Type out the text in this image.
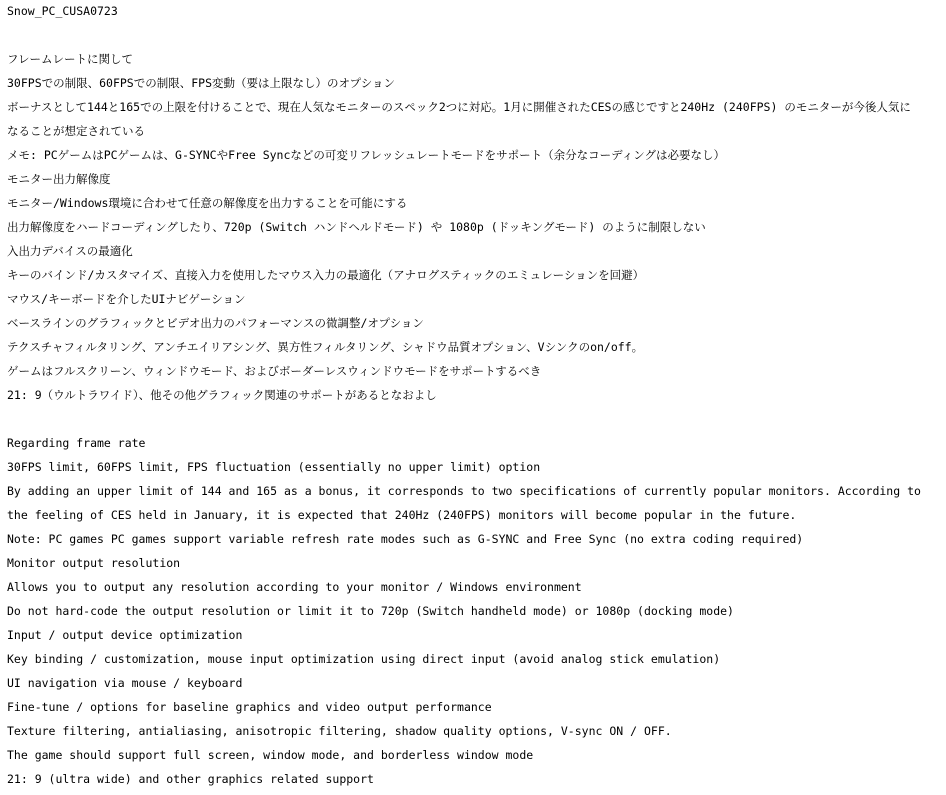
Snow_PC_CUSA0723
フレームレートに関して
30FPSでの制限、60FPSでの制限、FPS変動（要は上限なし）のオプション
ボーナスとして144と165での上限を付けることで、現在人気なモニターのスペック2つに対応。1月に開催されたCESの感じですと240Hz (240FPS) のモニターが今後人気に
なることが想定されている
メモ: PCゲームはPCゲームは、G-SYNCやFree Syncなどの可変リフレッシュレートモードをサポート（余分なコーディングは必要なし）
モニター出力解像度
モニター/Windows環境に合わせて任意の解像度を出力することを可能にする
出力解像度をハードコーディングしたり、720p (Switch ハンドヘルドモード) や 1080p (ドッキングモード) のように制限しない
入出力デバイスの最適化
キーのバインド/カスタマイズ、直接入力を使用したマウス入力の最適化（アナログスティックのエミュレーションを回避）
マウス/キーボードを介したUIナビゲーション
ベースラインのグラフィックとビデオ出力のパフォーマンスの微調整/オプション
テクスチャフィルタリング、アンチエイリアシング、異方性フィルタリング、シャドウ品質オプション、Vシンクのon/off。
ゲームはフルスクリーン、ウィンドウモード、およびボーダーレスウィンドウモードをサポートするべき
21: 9（ウルトラワイド）、他その他グラフィック関連のサポートがあるとなおよし
Regarding frame rate
30FPS limit, 60FPS limit, FPS fluctuation (essentially no upper limit) option
By adding an upper limit of 144 and 165 as a bonus, it corresponds to two specifications of currently popular monitors. According to
the feeling of CES held in January, it is expected that 240Hz (240FPS) monitors will become popular in the future.
Note: PC games PC games support variable refresh rate modes such as G-SYNC and Free Sync (no extra coding required)
Monitor output resolution
Allows you to output any resolution according to your monitor / Windows environment
Do not hard-code the output resolution or limit it to 720p (Switch handheld mode) or 1080p (docking mode)
Input / output device optimization
Key binding / customization, mouse input optimization using direct input (avoid analog stick emulation)
UI navigation via mouse / keyboard
Fine-tune / options for baseline graphics and video output performance
Texture filtering, antialiasing, anisotropic filtering, shadow quality options, V-sync ON / OFF.
The game should support full screen, window mode, and borderless window mode
21: 9 (ultra wide) and other graphics related support
